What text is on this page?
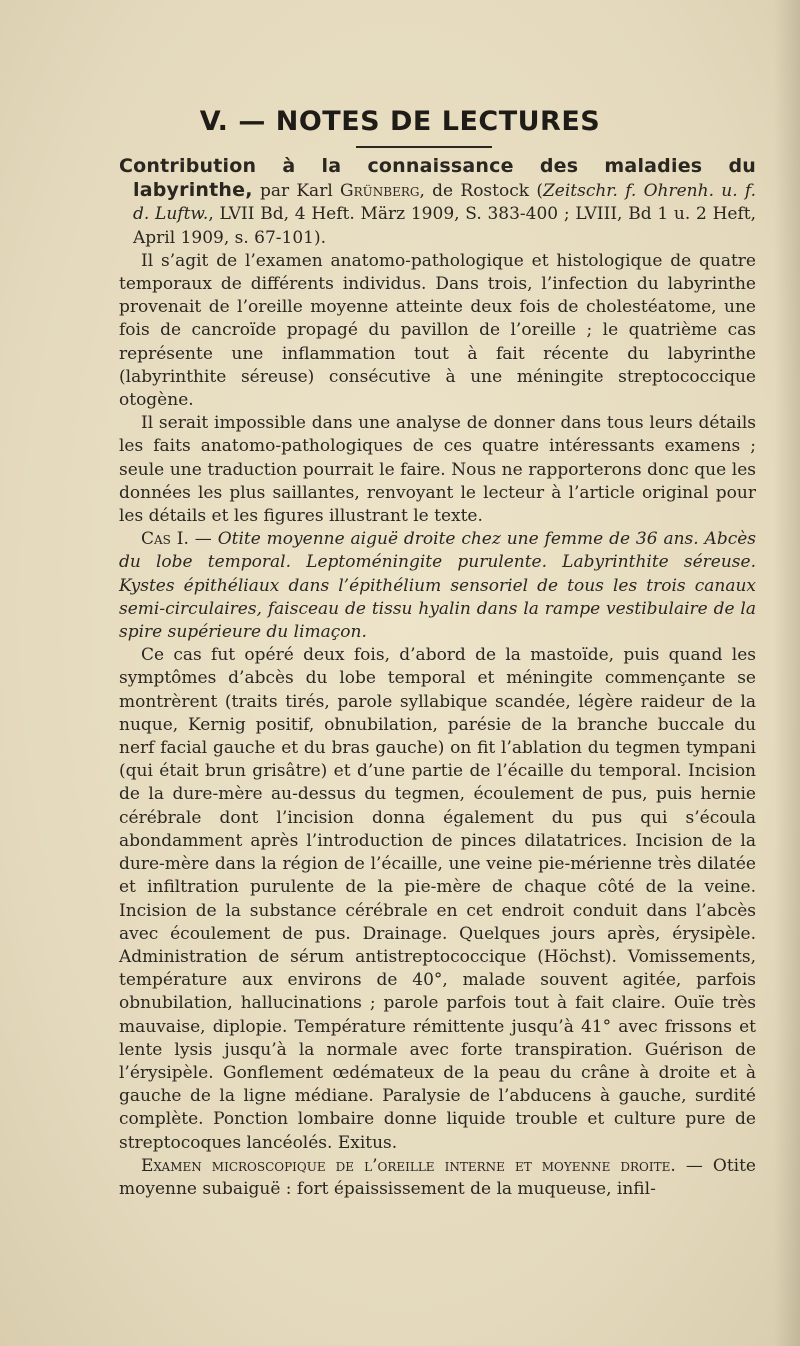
V. — NOTES DE LECTURES

Contribution à la connaissance des maladies du labyrinthe, par Karl Grünberg, de Rostock (Zeitschr. f. Ohrenh. u. f. d. Luftw., LVII Bd, 4 Heft. März 1909, S. 383-400 ; LVIII, Bd 1 u. 2 Heft, April 1909, s. 67-101).

Il s’agit de l’examen anatomo-pathologique et histologique de quatre temporaux de différents individus. Dans trois, l’infection du labyrinthe provenait de l’oreille moyenne atteinte deux fois de cholestéatome, une fois de cancroïde propagé du pavillon de l’oreille ; le quatrième cas représente une inflammation tout à fait récente du labyrinthe (labyrinthite séreuse) consécutive à une méningite streptococcique otogène.

Il serait impossible dans une analyse de donner dans tous leurs détails les faits anatomo-pathologiques de ces quatre intéressants examens ; seule une traduction pourrait le faire. Nous ne rapporterons donc que les données les plus saillantes, renvoyant le lecteur à l’article original pour les détails et les figures illustrant le texte.

Cas I. — Otite moyenne aiguë droite chez une femme de 36 ans. Abcès du lobe temporal. Leptoméningite purulente. Labyrinthite séreuse. Kystes épithéliaux dans l’épithélium sensoriel de tous les trois canaux semi-circulaires, faisceau de tissu hyalin dans la rampe vestibulaire de la spire supérieure du limaçon.

Ce cas fut opéré deux fois, d’abord de la mastoïde, puis quand les symptômes d’abcès du lobe temporal et méningite commençante se montrèrent (traits tirés, parole syllabique scandée, légère raideur de la nuque, Kernig positif, obnubilation, parésie de la branche buccale du nerf facial gauche et du bras gauche) on fit l’ablation du tegmen tympani (qui était brun grisâtre) et d’une partie de l’écaille du temporal. Incision de la dure-mère au-dessus du tegmen, écoulement de pus, puis hernie cérébrale dont l’incision donna également du pus qui s’écoula abondamment après l’introduction de pinces dilatatrices. Incision de la dure-mère dans la région de l’écaille, une veine pie-mérienne très dilatée et infiltration purulente de la pie-mère de chaque côté de la veine. Incision de la substance cérébrale en cet endroit conduit dans l’abcès avec écoulement de pus. Drainage. Quelques jours après, érysipèle. Administration de sérum antistreptococcique (Höchst). Vomissements, température aux environs de 40°, malade souvent agitée, parfois obnubilation, hallucinations ; parole parfois tout à fait claire. Ouïe très mauvaise, diplopie. Température rémittente jusqu’à 41° avec frissons et lente lysis jusqu’à la normale avec forte transpiration. Guérison de l’érysipèle. Gonflement œdémateux de la peau du crâne à droite et à gauche de la ligne médiane. Paralysie de l’abducens à gauche, surdité complète. Ponction lombaire donne liquide trouble et culture pure de streptocoques lancéolés. Exitus.

Examen microscopique de l’oreille interne et moyenne droite. — Otite moyenne subaiguë : fort épaississement de la muqueuse, infil-
